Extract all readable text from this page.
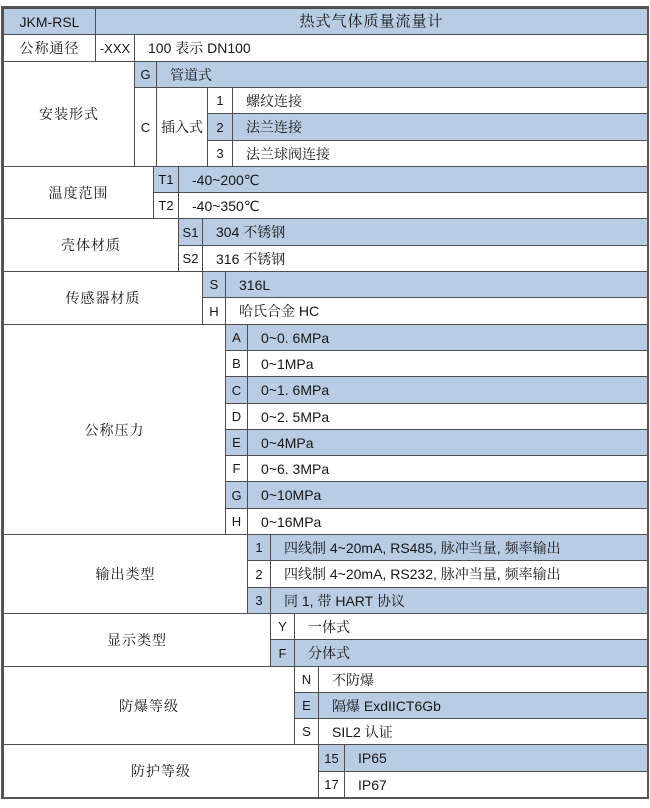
JKM-RSL	热式气体质量流量计
公称通径	-XXX	100 表示 DN100
安装形式
G	管道式
C 插入式
1	螺纹连接
2	法兰连接
3	法兰球阀连接
温度范围
T1	-40~200℃
T2	-40~350℃
壳体材质
S1	304 不锈钢
S2	316 不锈钢
传感器材质
S	316L
H	哈氏合金 HC
公称压力
A	0~0. 6MPa
B	0~1MPa
C	0~1. 6MPa
D	0~2. 5MPa
E	0~4MPa
F	0~6. 3MPa
G	0~10MPa
H	0~16MPa
输出类型
1	四线制 4~20mA, RS485, 脉冲当量, 频率输出
2	四线制 4~20mA, RS232, 脉冲当量, 频率输出
3	同 1, 带 HART 协议
显示类型
Y	一体式
F	分体式
防爆等级
N	不防爆
E	隔爆 ExdIICT6Gb
S	SIL2 认证
防护等级
15	IP65
17	IP67
